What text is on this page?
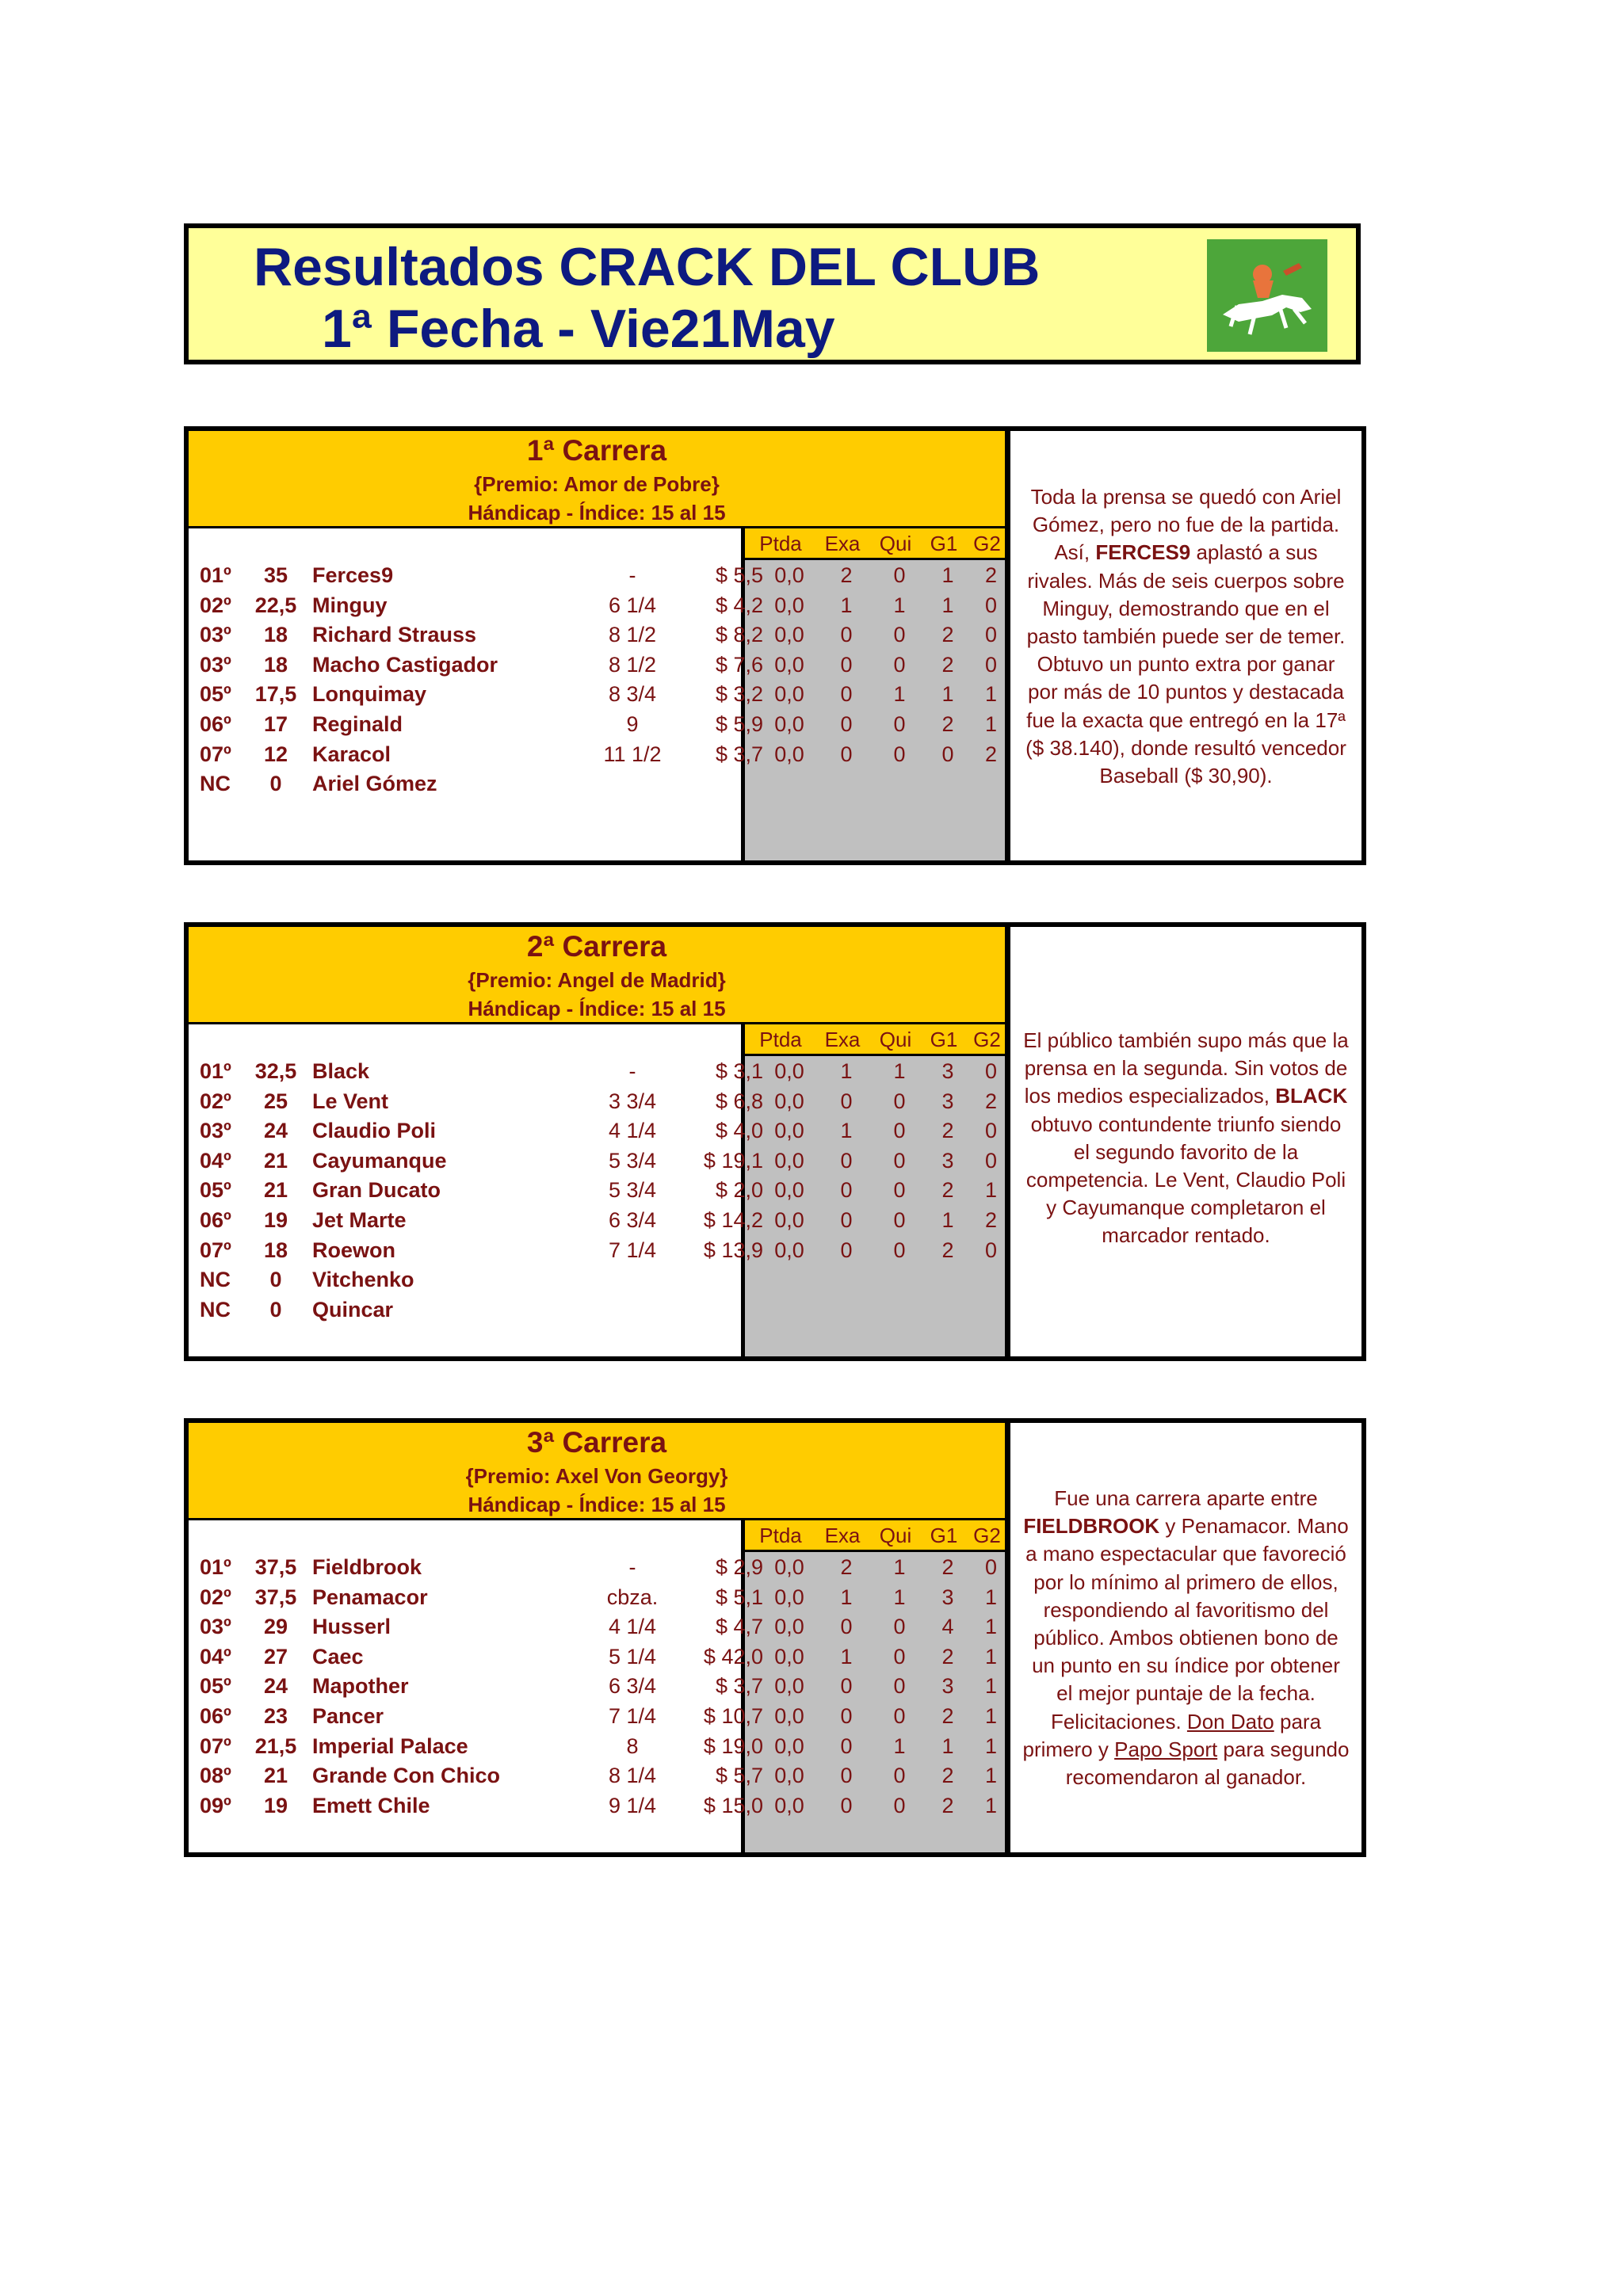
Resultados CRACK DEL CLUB
1ª Fecha - Vie21May
1ª Carrera
{Premio: Amor de Pobre}
Hándicap - Índice: 15 al 15
Ptda	Exa Qui G1 G2
01º	35	Ferces9	-	$ 5,5 0,0	2	0	1	2
02º 22,5 Minguy	6 1/4	$ 4,2 0,0	1	1	1	0
03º	18	Richard Strauss	8 1/2	$ 8,2 0,0	0	0	2	0
03º	18	Macho Castigador	8 1/2	$ 7,6 0,0	0	0	2	0
05º 17,5 Lonquimay	8 3/4	$ 3,2 0,0	0	1	1	1
06º	17	Reginald	9	$ 5,9 0,0	0	0	2	1
07º	12	Karacol	11 1/2	$ 3,7 0,0	0	0	0	2
NC	0	Ariel Gómez
Toda la prensa se quedó con Ariel
Gómez, pero no fue de la partida.
Así, FERCES9 aplastó a sus
rivales. Más de seis cuerpos sobre
Minguy, demostrando que en el
pasto también puede ser de temer.
Obtuvo un punto extra por ganar
por más de 10 puntos y destacada
fue la exacta que entregó en la 17ª
($ 38.140), donde resultó vencedor
Baseball ($ 30,90).
2ª Carrera
{Premio: Angel de Madrid}
Hándicap - Índice: 15 al 15
Ptda	Exa Qui G1 G2
01º 32,5 Black	-	$ 3,1 0,0	1	1	3	0
02º	25	Le Vent	3 3/4	$ 6,8 0,0	0	0	3	2
03º	24	Claudio Poli	4 1/4	$ 4,0 0,0	1	0	2	0
04º	21	Cayumanque	5 3/4	$ 19,1 0,0	0	0	3	0
05º	21	Gran Ducato	5 3/4	$ 2,0 0,0	0	0	2	1
06º	19	Jet Marte	6 3/4	$ 14,2 0,0	0	0	1	2
07º	18	Roewon	7 1/4	$ 13,9 0,0	0	0	2	0
NC	0	Vitchenko
NC	0	Quincar
El público también supo más que la
prensa en la segunda. Sin votos de
los medios especializados, BLACK
obtuvo contundente triunfo siendo
el segundo favorito de la
competencia. Le Vent, Claudio Poli
y Cayumanque completaron el
marcador rentado.
3ª Carrera
{Premio: Axel Von Georgy}
Hándicap - Índice: 15 al 15
Ptda	Exa Qui G1 G2
01º 37,5 Fieldbrook	-	$ 2,9 0,0	2	1	2	0
02º 37,5 Penamacor	cbza.	$ 5,1 0,0	1	1	3	1
03º	29	Husserl	4 1/4	$ 4,7 0,0	0	0	4	1
04º	27	Caec	5 1/4	$ 42,0 0,0	1	0	2	1
05º	24	Mapother	6 3/4	$ 3,7 0,0	0	0	3	1
06º	23	Pancer	7 1/4	$ 10,7 0,0	0	0	2	1
07º 21,5 Imperial Palace	8	$ 19,0 0,0	0	1	1	1
08º	21	Grande Con Chico	8 1/4	$ 5,7 0,0	0	0	2	1
09º	19	Emett Chile	9 1/4	$ 15,0 0,0	0	0	2	1
Fue una carrera aparte entre
FIELDBROOK y Penamacor. Mano
a mano espectacular que favoreció
por lo mínimo al primero de ellos,
respondiendo al favoritismo del
público. Ambos obtienen bono de
un punto en su índice por obtener
el mejor puntaje de la fecha.
Felicitaciones. Don Dato para
primero y Papo Sport para segundo
recomendaron al ganador.
